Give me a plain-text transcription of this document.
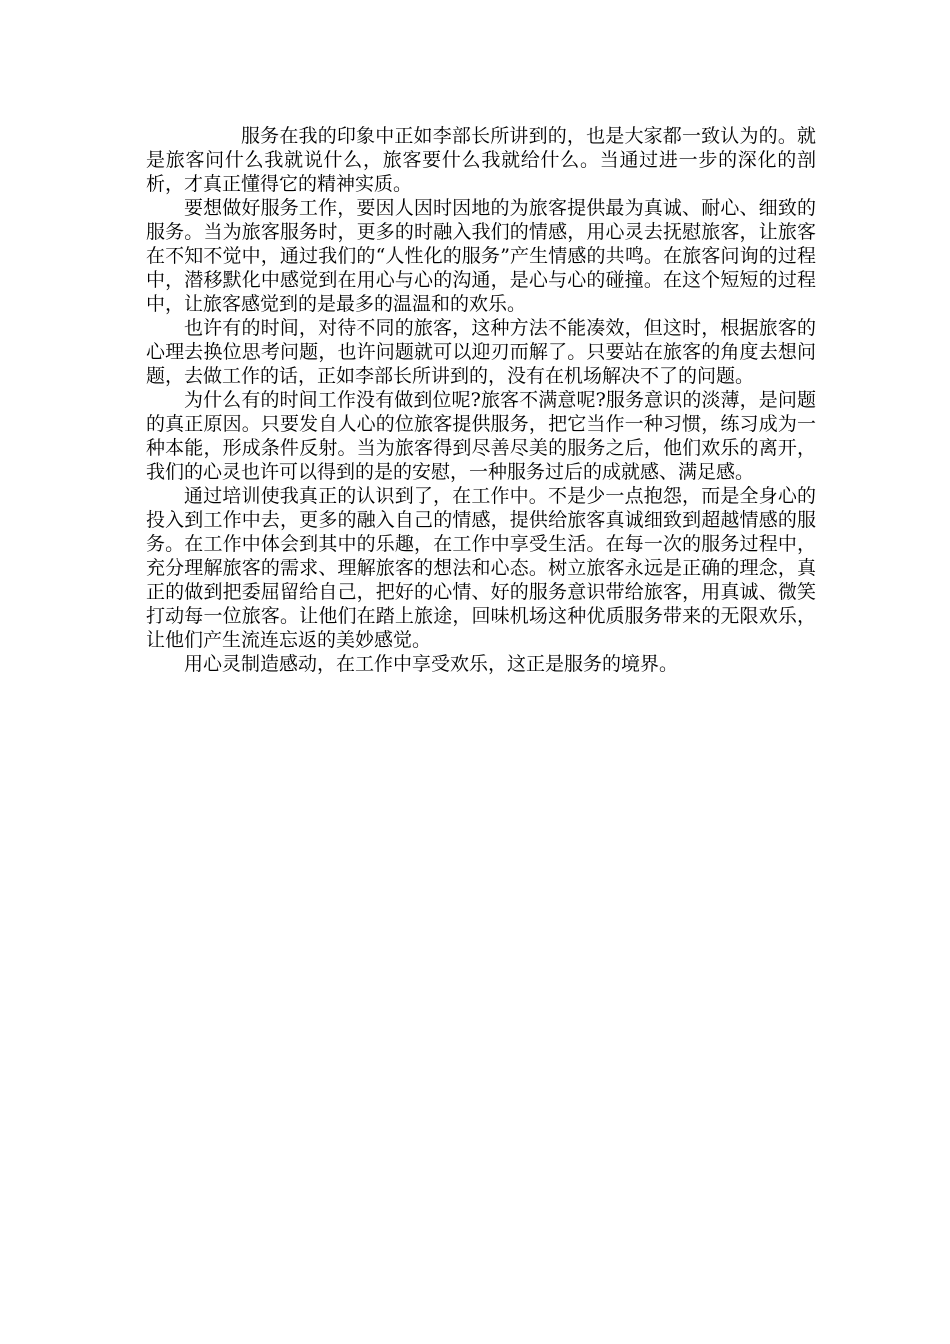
服务在我的印象中正如李部长所讲到的，也是大家都一致认为的。就是旅客问什么我就说什么，旅客要什么我就给什么。当通过进一步的深化的剖析，才真正懂得它的精神实质。

要想做好服务工作，要因人因时因地的为旅客提供最为真诚、耐心、细致的服务。当为旅客服务时，更多的时融入我们的情感，用心灵去抚慰旅客，让旅客在不知不觉中，通过我们的“人性化的服务”产生情感的共鸣。在旅客问询的过程中，潜移默化中感觉到在用心与心的沟通，是心与心的碰撞。在这个短短的过程中，让旅客感觉到的是最多的温温和的欢乐。

也许有的时间，对待不同的旅客，这种方法不能凑效，但这时，根据旅客的心理去换位思考问题，也许问题就可以迎刃而解了。只要站在旅客的角度去想问题，去做工作的话，正如李部长所讲到的，没有在机场解决不了的问题。

为什么有的时间工作没有做到位呢?旅客不满意呢?服务意识的淡薄，是问题的真正原因。只要发自人心的位旅客提供服务，把它当作一种习惯，练习成为一种本能，形成条件反射。当为旅客得到尽善尽美的服务之后，他们欢乐的离开，我们的心灵也许可以得到的是的安慰，一种服务过后的成就感、满足感。

通过培训使我真正的认识到了，在工作中。不是少一点抱怨，而是全身心的投入到工作中去，更多的融入自己的情感，提供给旅客真诚细致到超越情感的服务。在工作中体会到其中的乐趣，在工作中享受生活。在每一次的服务过程中，充分理解旅客的需求、理解旅客的想法和心态。树立旅客永远是正确的理念，真正的做到把委屈留给自己，把好的心情、好的服务意识带给旅客，用真诚、微笑打动每一位旅客。让他们在踏上旅途，回味机场这种优质服务带来的无限欢乐，让他们产生流连忘返的美妙感觉。

用心灵制造感动，在工作中享受欢乐，这正是服务的境界。
